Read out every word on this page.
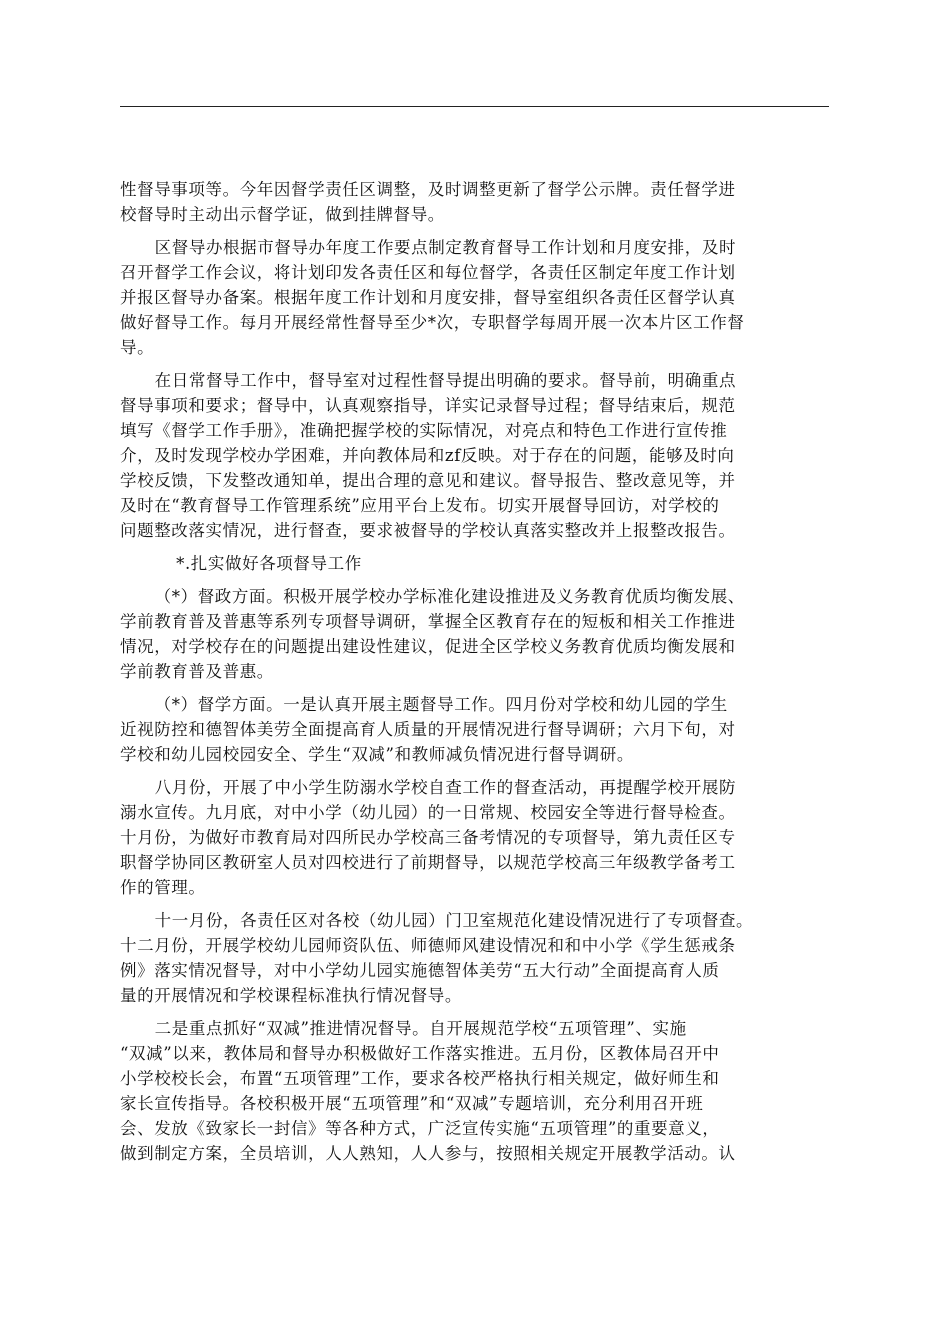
性督导事项等。今年因督学责任区调整，及时调整更新了督学公示牌。责任督学进
校督导时主动出示督学证，做到挂牌督导。
区督导办根据市督导办年度工作要点制定教育督导工作计划和月度安排，及时
召开督学工作会议，将计划印发各责任区和每位督学，各责任区制定年度工作计划
并报区督导办备案。根据年度工作计划和月度安排，督导室组织各责任区督学认真
做好督导工作。每月开展经常性督导至少*次，专职督学每周开展一次本片区工作督
导。
在日常督导工作中，督导室对过程性督导提出明确的要求。督导前，明确重点
督导事项和要求；督导中，认真观察指导，详实记录督导过程；督导结束后，规范
填写《督学工作手册》，准确把握学校的实际情况，对亮点和特色工作进行宣传推
介，及时发现学校办学困难，并向教体局和zf反映。对于存在的问题，能够及时向
学校反馈，下发整改通知单，提出合理的意见和建议。督导报告、整改意见等，并
及时在“教育督导工作管理系统”应用平台上发布。切实开展督导回访，对学校的
问题整改落实情况，进行督查，要求被督导的学校认真落实整改并上报整改报告。
*.扎实做好各项督导工作
（*）督政方面。积极开展学校办学标准化建设推进及义务教育优质均衡发展、
学前教育普及普惠等系列专项督导调研，掌握全区教育存在的短板和相关工作推进
情况，对学校存在的问题提出建设性建议，促进全区学校义务教育优质均衡发展和
学前教育普及普惠。
（*）督学方面。一是认真开展主题督导工作。四月份对学校和幼儿园的学生
近视防控和德智体美劳全面提高育人质量的开展情况进行督导调研；六月下旬，对
学校和幼儿园校园安全、学生“双减”和教师减负情况进行督导调研。
八月份，开展了中小学生防溺水学校自查工作的督查活动，再提醒学校开展防
溺水宣传。九月底，对中小学（幼儿园）的一日常规、校园安全等进行督导检查。
十月份，为做好市教育局对四所民办学校高三备考情况的专项督导，第九责任区专
职督学协同区教研室人员对四校进行了前期督导，以规范学校高三年级教学备考工
作的管理。
十一月份，各责任区对各校（幼儿园）门卫室规范化建设情况进行了专项督查。
十二月份，开展学校幼儿园师资队伍、师德师风建设情况和和中小学《学生惩戒条
例》落实情况督导，对中小学幼儿园实施德智体美劳“五大行动”全面提高育人质
量的开展情况和学校课程标准执行情况督导。
二是重点抓好“双减”推进情况督导。自开展规范学校“五项管理”、实施
“双减”以来，教体局和督导办积极做好工作落实推进。五月份，区教体局召开中
小学校校长会，布置“五项管理”工作，要求各校严格执行相关规定，做好师生和
家长宣传指导。各校积极开展“五项管理”和“双减”专题培训，充分利用召开班
会、发放《致家长一封信》等各种方式，广泛宣传实施“五项管理”的重要意义，
做到制定方案，全员培训，人人熟知，人人参与，按照相关规定开展教学活动。认
